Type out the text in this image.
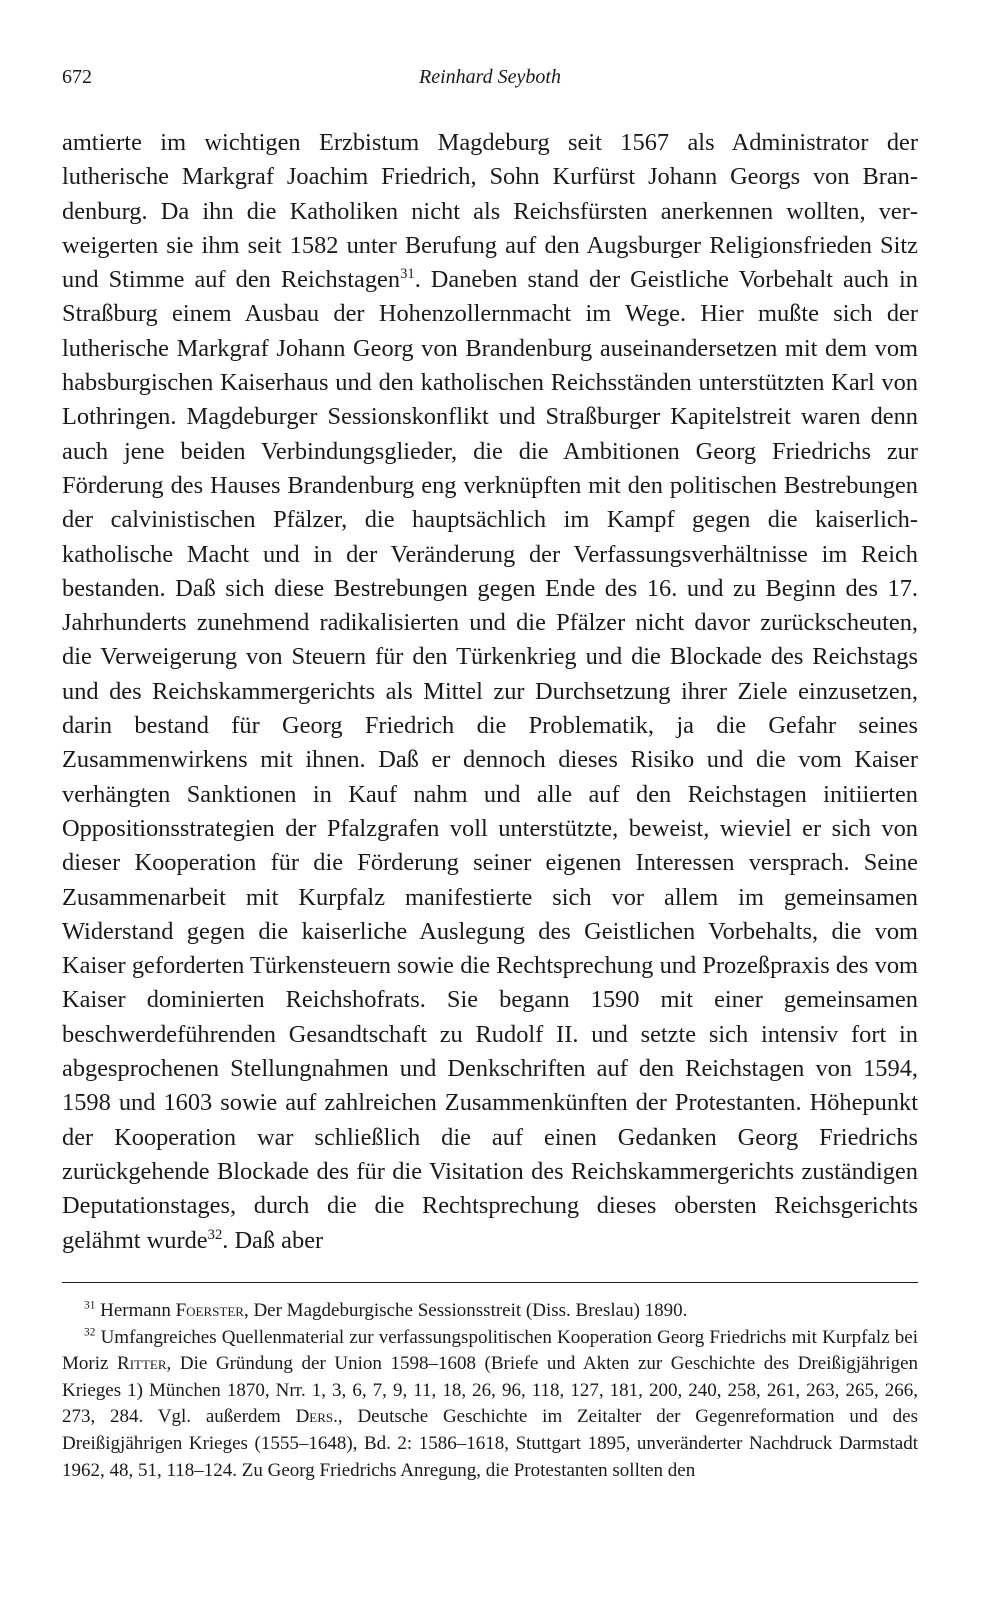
672	Reinhard Seyboth

amtierte im wichtigen Erzbistum Magdeburg seit 1567 als Administrator der lutherische Markgraf Joachim Friedrich, Sohn Kurfürst Johann Georgs von Brandenburg. Da ihn die Katholiken nicht als Reichsfürsten anerkennen wollten, verweigerten sie ihm seit 1582 unter Berufung auf den Augsburger Religionsfrieden Sitz und Stimme auf den Reichstagen$^{31}$. Daneben stand der Geistliche Vorbehalt auch in Straßburg einem Ausbau der Hohenzollernmacht im Wege. Hier mußte sich der lutherische Markgraf Johann Georg von Brandenburg auseinandersetzen mit dem vom habsburgischen Kaiserhaus und den katholischen Reichsständen unterstützten Karl von Lothringen. Magdeburger Sessionskonflikt und Straßburger Kapitelstreit waren denn auch jene beiden Verbindungsglieder, die die Ambitionen Georg Friedrichs zur Förderung des Hauses Brandenburg eng verknüpften mit den politischen Bestrebungen der calvinistischen Pfälzer, die hauptsächlich im Kampf gegen die kaiserlich-katholische Macht und in der Veränderung der Verfassungsverhältnisse im Reich bestanden. Daß sich diese Bestrebungen gegen Ende des 16. und zu Beginn des 17. Jahrhunderts zunehmend radikalisierten und die Pfälzer nicht davor zurückscheuten, die Verweigerung von Steuern für den Türkenkrieg und die Blockade des Reichstags und des Reichskammergerichts als Mittel zur Durchsetzung ihrer Ziele einzusetzen, darin bestand für Georg Friedrich die Problematik, ja die Gefahr seines Zusammenwirkens mit ihnen. Daß er dennoch dieses Risiko und die vom Kaiser verhängten Sanktionen in Kauf nahm und alle auf den Reichstagen initiierten Oppositionsstrategien der Pfalzgrafen voll unterstützte, beweist, wieviel er sich von dieser Kooperation für die Förderung seiner eigenen Interessen versprach. Seine Zusammenarbeit mit Kurpfalz manifestierte sich vor allem im gemeinsamen Widerstand gegen die kaiserliche Auslegung des Geistlichen Vorbehalts, die vom Kaiser geforderten Türkensteuern sowie die Rechtsprechung und Prozeßpraxis des vom Kaiser dominierten Reichshofrats. Sie begann 1590 mit einer gemeinsamen beschwerdeführenden Gesandtschaft zu Rudolf II. und setzte sich intensiv fort in abgesprochenen Stellungnahmen und Denkschriften auf den Reichstagen von 1594, 1598 und 1603 sowie auf zahlreichen Zusammenkünften der Protestanten. Höhepunkt der Kooperation war schließlich die auf einen Gedanken Georg Friedrichs zurückgehende Blockade des für die Visitation des Reichskammergerichts zuständigen Deputationstages, durch die die Rechtsprechung dieses obersten Reichsgerichts gelähmt wurde$^{32}$. Daß aber

$^{31}$ Hermann Foerster, Der Magdeburgische Sessionsstreit (Diss. Breslau) 1890.

$^{32}$ Umfangreiches Quellenmaterial zur verfassungspolitischen Kooperation Georg Friedrichs mit Kurpfalz bei Moriz Ritter, Die Gründung der Union 1598–1608 (Briefe und Akten zur Geschichte des Dreißigjährigen Krieges 1) München 1870, Nrr. 1, 3, 6, 7, 9, 11, 18, 26, 96, 118, 127, 181, 200, 240, 258, 261, 263, 265, 266, 273, 284. Vgl. außerdem Ders., Deutsche Geschichte im Zeitalter der Gegenreformation und des Dreißigjährigen Krieges (1555–1648), Bd. 2: 1586–1618, Stuttgart 1895, unveränderter Nachdruck Darmstadt 1962, 48, 51, 118–124. Zu Georg Friedrichs Anregung, die Protestanten sollten den
